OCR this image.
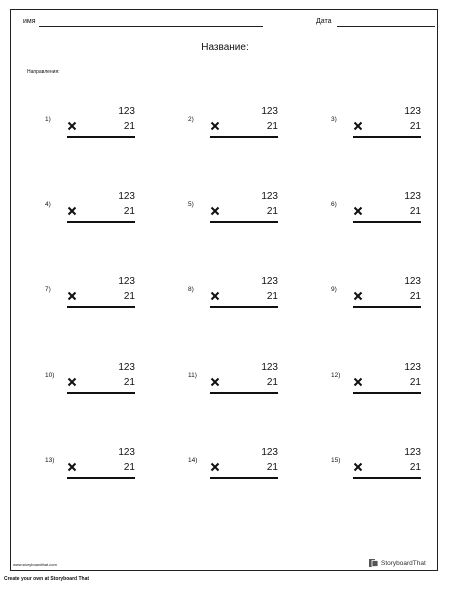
имя	Дата
Название:
Направления:
1)
123
21
2)
123
21
3)
123
21
4)
123
21
5)
123
21
6)
123
21
7)
123
21
8)
123
21
9)
123
21
10)
123
21
11)
123
21
12)
123
21
13)
123
21
14)
123
21
15)
123
21
www.storyboardthat.com	StoryboardThat
Create your own at Storyboard That
